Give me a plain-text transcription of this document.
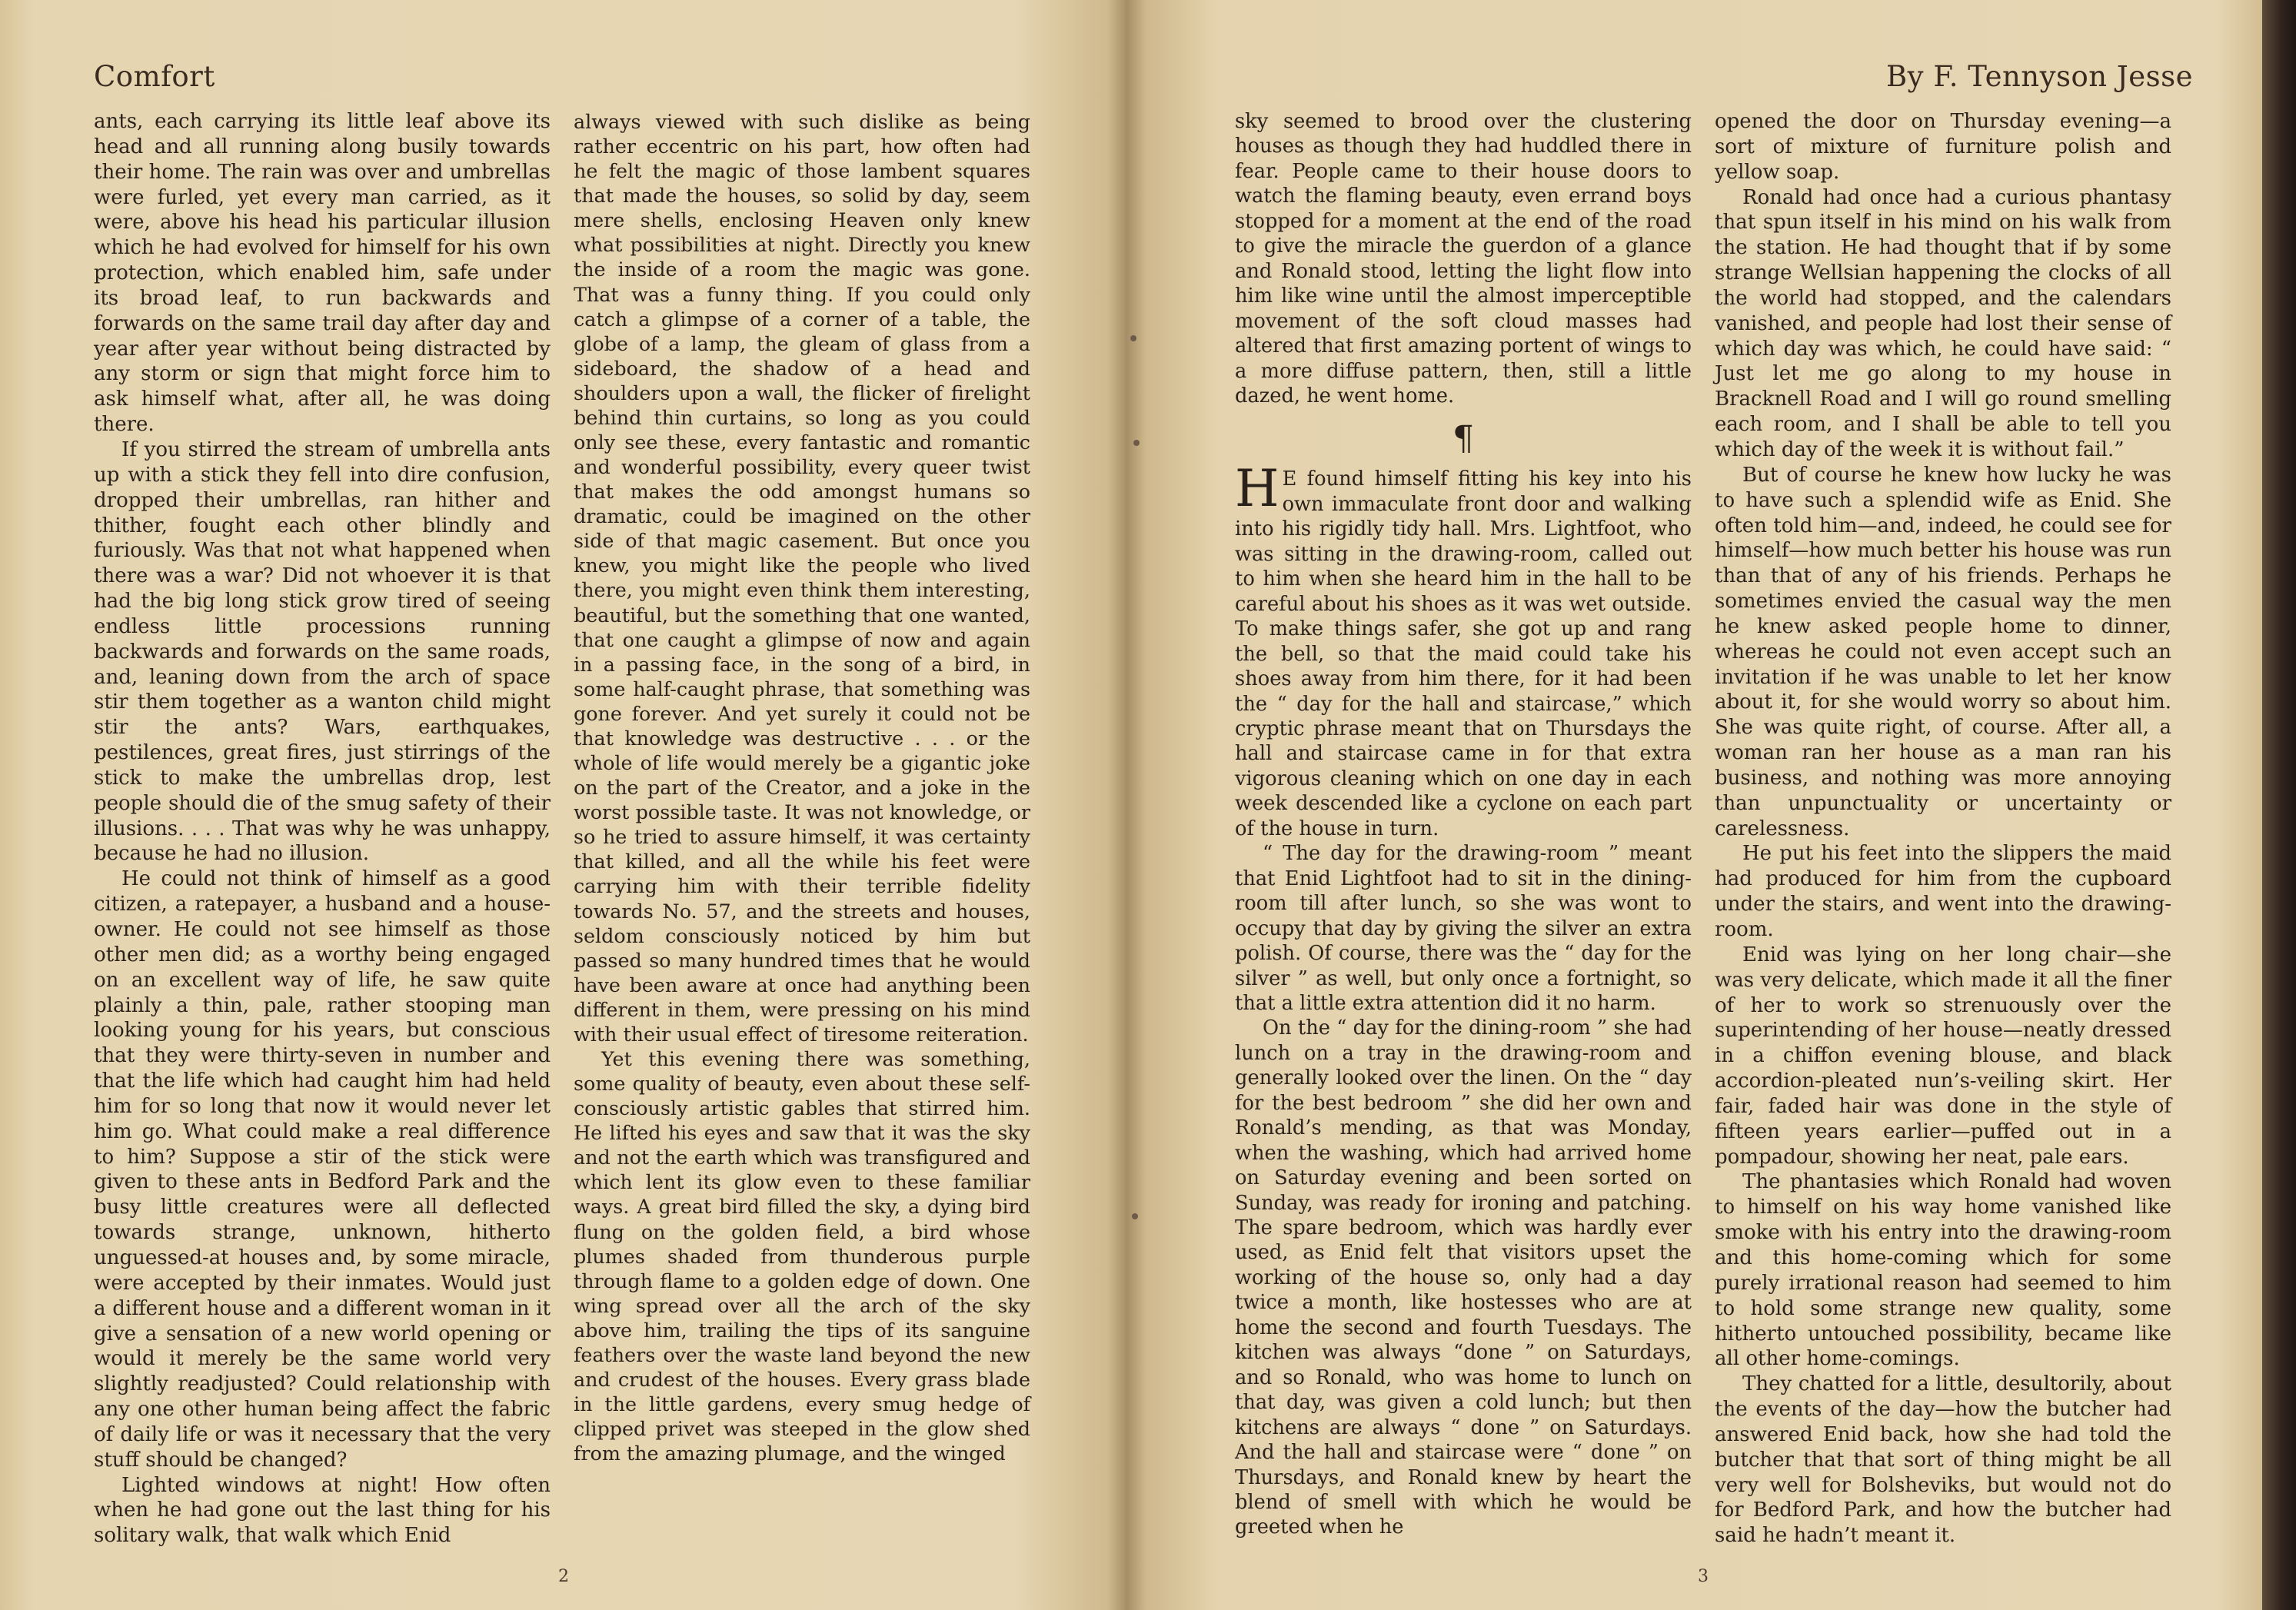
Comfort

ants, each carrying its little leaf above its head and all running along busily towards their home. The rain was over and umbrellas were furled, yet every man carried, as it were, above his head his particular illusion which he had evolved for himself for his own protection, which enabled him, safe under its broad leaf, to run backwards and forwards on the same trail day after day and year after year without being distracted by any storm or sign that might force him to ask himself what, after all, he was doing there.

If you stirred the stream of umbrella ants up with a stick they fell into dire confusion, dropped their umbrellas, ran hither and thither, fought each other blindly and furiously. Was that not what happened when there was a war? Did not whoever it is that had the big long stick grow tired of seeing endless little processions running backwards and forwards on the same roads, and, leaning down from the arch of space stir them together as a wanton child might stir the ants? Wars, earthquakes, pestilences, great fires, just stirrings of the stick to make the umbrellas drop, lest people should die of the smug safety of their illusions. . . . That was why he was unhappy, because he had no illusion.

He could not think of himself as a good citizen, a ratepayer, a husband and a house-owner. He could not see himself as those other men did; as a worthy being engaged on an excellent way of life, he saw quite plainly a thin, pale, rather stooping man looking young for his years, but conscious that they were thirty-seven in number and that the life which had caught him had held him for so long that now it would never let him go. What could make a real difference to him? Suppose a stir of the stick were given to these ants in Bedford Park and the busy little creatures were all deflected towards strange, unknown, hitherto unguessed-at houses and, by some miracle, were accepted by their inmates. Would just a different house and a different woman in it give a sensation of a new world opening or would it merely be the same world very slightly readjusted? Could relationship with any one other human being affect the fabric of daily life or was it necessary that the very stuff should be changed?

Lighted windows at night! How often when he had gone out the last thing for his solitary walk, that walk which Enid

always viewed with such dislike as being rather eccentric on his part, how often had he felt the magic of those lambent squares that made the houses, so solid by day, seem mere shells, enclosing Heaven only knew what possibilities at night. Directly you knew the inside of a room the magic was gone. That was a funny thing. If you could only catch a glimpse of a corner of a table, the globe of a lamp, the gleam of glass from a sideboard, the shadow of a head and shoulders upon a wall, the flicker of firelight behind thin curtains, so long as you could only see these, every fantastic and romantic and wonderful possibility, every queer twist that makes the odd amongst humans so dramatic, could be imagined on the other side of that magic casement. But once you knew, you might like the people who lived there, you might even think them interesting, beautiful, but the something that one wanted, that one caught a glimpse of now and again in a passing face, in the song of a bird, in some half-caught phrase, that something was gone forever. And yet surely it could not be that knowledge was destructive . . . or the whole of life would merely be a gigantic joke on the part of the Creator, and a joke in the worst possible taste. It was not knowledge, or so he tried to assure himself, it was certainty that killed, and all the while his feet were carrying him with their terrible fidelity towards No. 57, and the streets and houses, seldom consciously noticed by him but passed so many hundred times that he would have been aware at once had anything been different in them, were pressing on his mind with their usual effect of tiresome reiteration.

Yet this evening there was something, some quality of beauty, even about these self-consciously artistic gables that stirred him. He lifted his eyes and saw that it was the sky and not the earth which was transfigured and which lent its glow even to these familiar ways. A great bird filled the sky, a dying bird flung on the golden field, a bird whose plumes shaded from thunderous purple through flame to a golden edge of down. One wing spread over all the arch of the sky above him, trailing the tips of its sanguine feathers over the waste land beyond the new and crudest of the houses. Every grass blade in the little gardens, every smug hedge of clipped privet was steeped in the glow shed from the amazing plumage, and the winged

2
By F. Tennyson Jesse

sky seemed to brood over the clustering houses as though they had huddled there in fear. People came to their house doors to watch the flaming beauty, even errand boys stopped for a moment at the end of the road to give the miracle the guerdon of a glance and Ronald stood, letting the light flow into him like wine until the almost imperceptible movement of the soft cloud masses had altered that first amazing portent of wings to a more diffuse pattern, then, still a little dazed, he went home.

¶

H E found himself fitting his key into his own immaculate front door and walking into his rigidly tidy hall. Mrs. Lightfoot, who was sitting in the drawing-room, called out to him when she heard him in the hall to be careful about his shoes as it was wet outside. To make things safer, she got up and rang the bell, so that the maid could take his shoes away from him there, for it had been the “ day for the hall and staircase,” which cryptic phrase meant that on Thursdays the hall and staircase came in for that extra vigorous cleaning which on one day in each week descended like a cyclone on each part of the house in turn.

“ The day for the drawing-room ” meant that Enid Lightfoot had to sit in the dining-room till after lunch, so she was wont to occupy that day by giving the silver an extra polish. Of course, there was the “ day for the silver ” as well, but only once a fortnight, so that a little extra attention did it no harm.

On the “ day for the dining-room ” she had lunch on a tray in the drawing-room and generally looked over the linen. On the “ day for the best bedroom ” she did her own and Ronald’s mending, as that was Monday, when the washing, which had arrived home on Saturday evening and been sorted on Sunday, was ready for ironing and patching. The spare bedroom, which was hardly ever used, as Enid felt that visitors upset the working of the house so, only had a day twice a month, like hostesses who are at home the second and fourth Tuesdays. The kitchen was always “done ” on Saturdays, and so Ronald, who was home to lunch on that day, was given a cold lunch; but then kitchens are always “ done ” on Saturdays. And the hall and staircase were “ done ” on Thursdays, and Ronald knew by heart the blend of smell with which he would be greeted when he

opened the door on Thursday evening—a sort of mixture of furniture polish and yellow soap.

Ronald had once had a curious phantasy that spun itself in his mind on his walk from the station. He had thought that if by some strange Wellsian happening the clocks of all the world had stopped, and the calendars vanished, and people had lost their sense of which day was which, he could have said: “ Just let me go along to my house in Bracknell Road and I will go round smelling each room, and I shall be able to tell you which day of the week it is without fail.”

But of course he knew how lucky he was to have such a splendid wife as Enid. She often told him—and, indeed, he could see for himself—how much better his house was run than that of any of his friends. Perhaps he sometimes envied the casual way the men he knew asked people home to dinner, whereas he could not even accept such an invitation if he was unable to let her know about it, for she would worry so about him. She was quite right, of course. After all, a woman ran her house as a man ran his business, and nothing was more annoying than unpunctuality or uncertainty or carelessness.

He put his feet into the slippers the maid had produced for him from the cupboard under the stairs, and went into the drawing-room.

Enid was lying on her long chair—she was very delicate, which made it all the finer of her to work so strenuously over the superintending of her house—neatly dressed in a chiffon evening blouse, and black accordion-pleated nun’s-veiling skirt. Her fair, faded hair was done in the style of fifteen years earlier—puffed out in a pompadour, showing her neat, pale ears.

The phantasies which Ronald had woven to himself on his way home vanished like smoke with his entry into the drawing-room and this home-coming which for some purely irrational reason had seemed to him to hold some strange new quality, some hitherto untouched possibility, became like all other home-comings.

They chatted for a little, desultorily, about the events of the day—how the butcher had answered Enid back, how she had told the butcher that that sort of thing might be all very well for Bolsheviks, but would not do for Bedford Park, and how the butcher had said he hadn’t meant it.

3
